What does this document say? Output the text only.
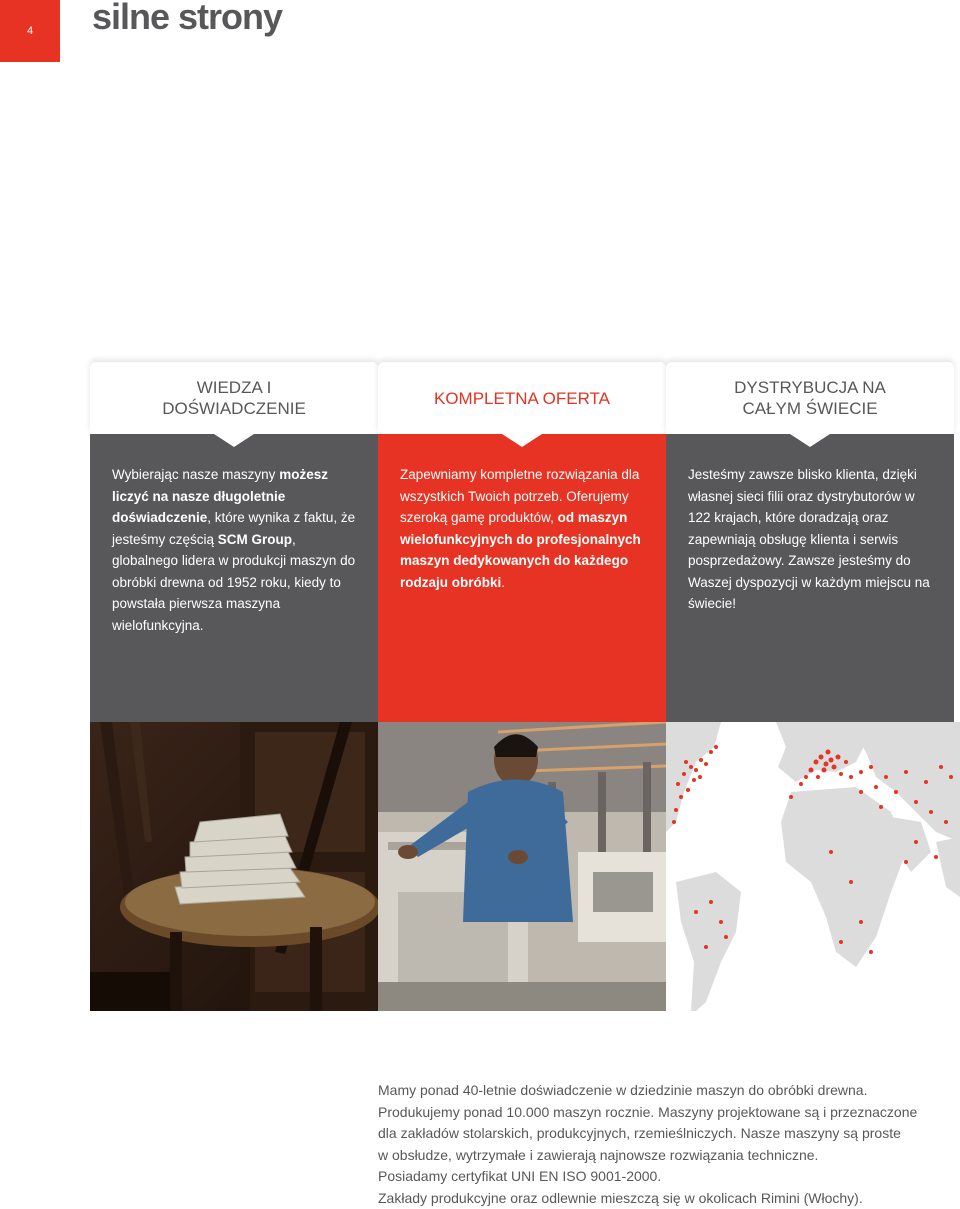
4	silne strony
WIEDZA I DOŚWIADCZENIE

Wybierając nasze maszyny możesz liczyć na nasze długoletnie doświadczenie, które wynika z faktu, że jesteśmy częścią SCM Group, globalnego lidera w produkcji maszyn do obróbki drewna od 1952 roku, kiedy to powstała pierwsza maszyna wielofunkcyjna.

KOMPLETNA OFERTA

Zapewniamy kompletne rozwiązania dla wszystkich Twoich potrzeb. Oferujemy szeroką gamę produktów, od maszyn wielofunkcyjnych do profesjonalnych maszyn dedykowanych do każdego rodzaju obróbki.

DYSTRYBUCJA NA CAŁYM ŚWIECIE

Jesteśmy zawsze blisko klienta, dzięki własnej sieci filii oraz dystrybutorów w 122 krajach, które doradzają oraz zapewniają obsługę klienta i serwis posprzedażowy. Zawsze jesteśmy do Waszej dyspozycji w każdym miejscu na świecie!

Mamy ponad 40-letnie doświadczenie w dziedzinie maszyn do obróbki drewna.
Produkujemy ponad 10.000 maszyn rocznie. Maszyny projektowane są i przeznaczone
dla zakładów stolarskich, produkcyjnych, rzemieślniczych. Nasze maszyny są proste
w obsłudze, wytrzymałe i zawierają najnowsze rozwiązania techniczne.
Posiadamy certyfikat UNI EN ISO 9001-2000.
Zakłady produkcyjne oraz odlewnie mieszczą się w okolicach Rimini (Włochy).
